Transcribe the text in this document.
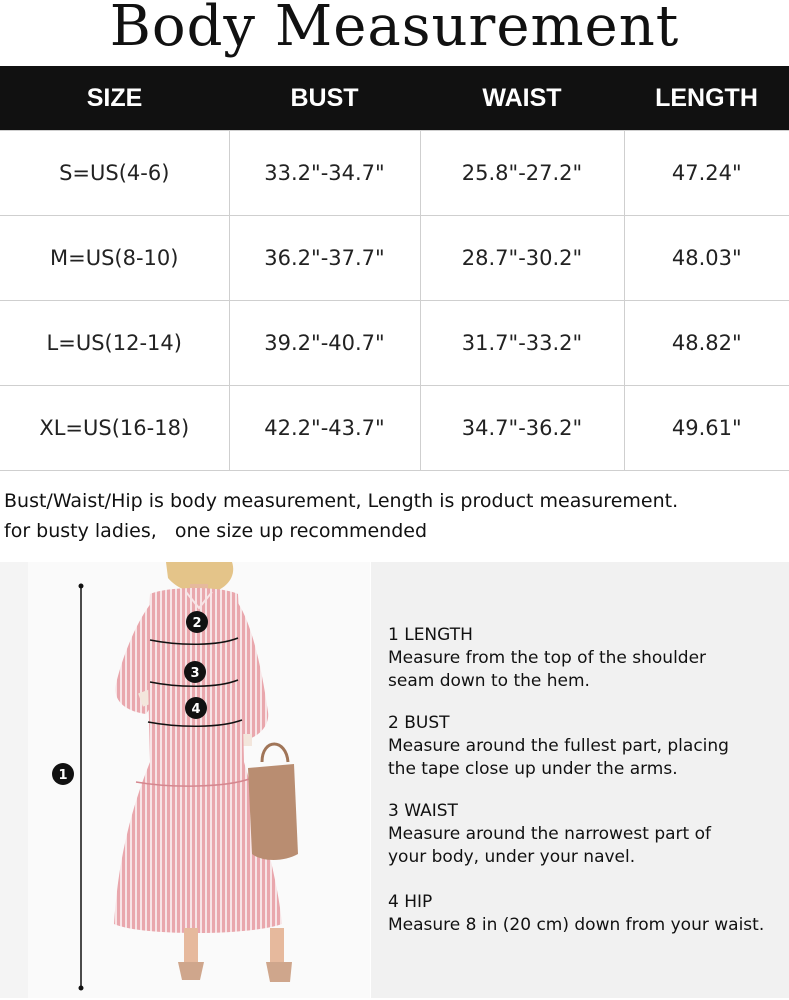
Body Measurement
SIZE	BUST	WAIST	LENGTH
S=US(4-6)	33.2"-34.7"	25.8"-27.2"	47.24"
M=US(8-10)	36.2"-37.7"	28.7"-30.2"	48.03"
L=US(12-14)	39.2"-40.7"	31.7"-33.2"	48.82"
XL=US(16-18)	42.2"-43.7"	34.7"-36.2"	49.61"
Bust/Waist/Hip is body measurement, Length is product measurement.
for busty ladies,   one size up recommended
1
2
3
4
1 LENGTH
Measure from the top of the shoulder
seam down to the hem.
2 BUST
Measure around the fullest part, placing
the tape close up under the arms.
3 WAIST
Measure around the narrowest part of
your body, under your navel.
4 HIP
Measure 8 in (20 cm) down from your waist.
